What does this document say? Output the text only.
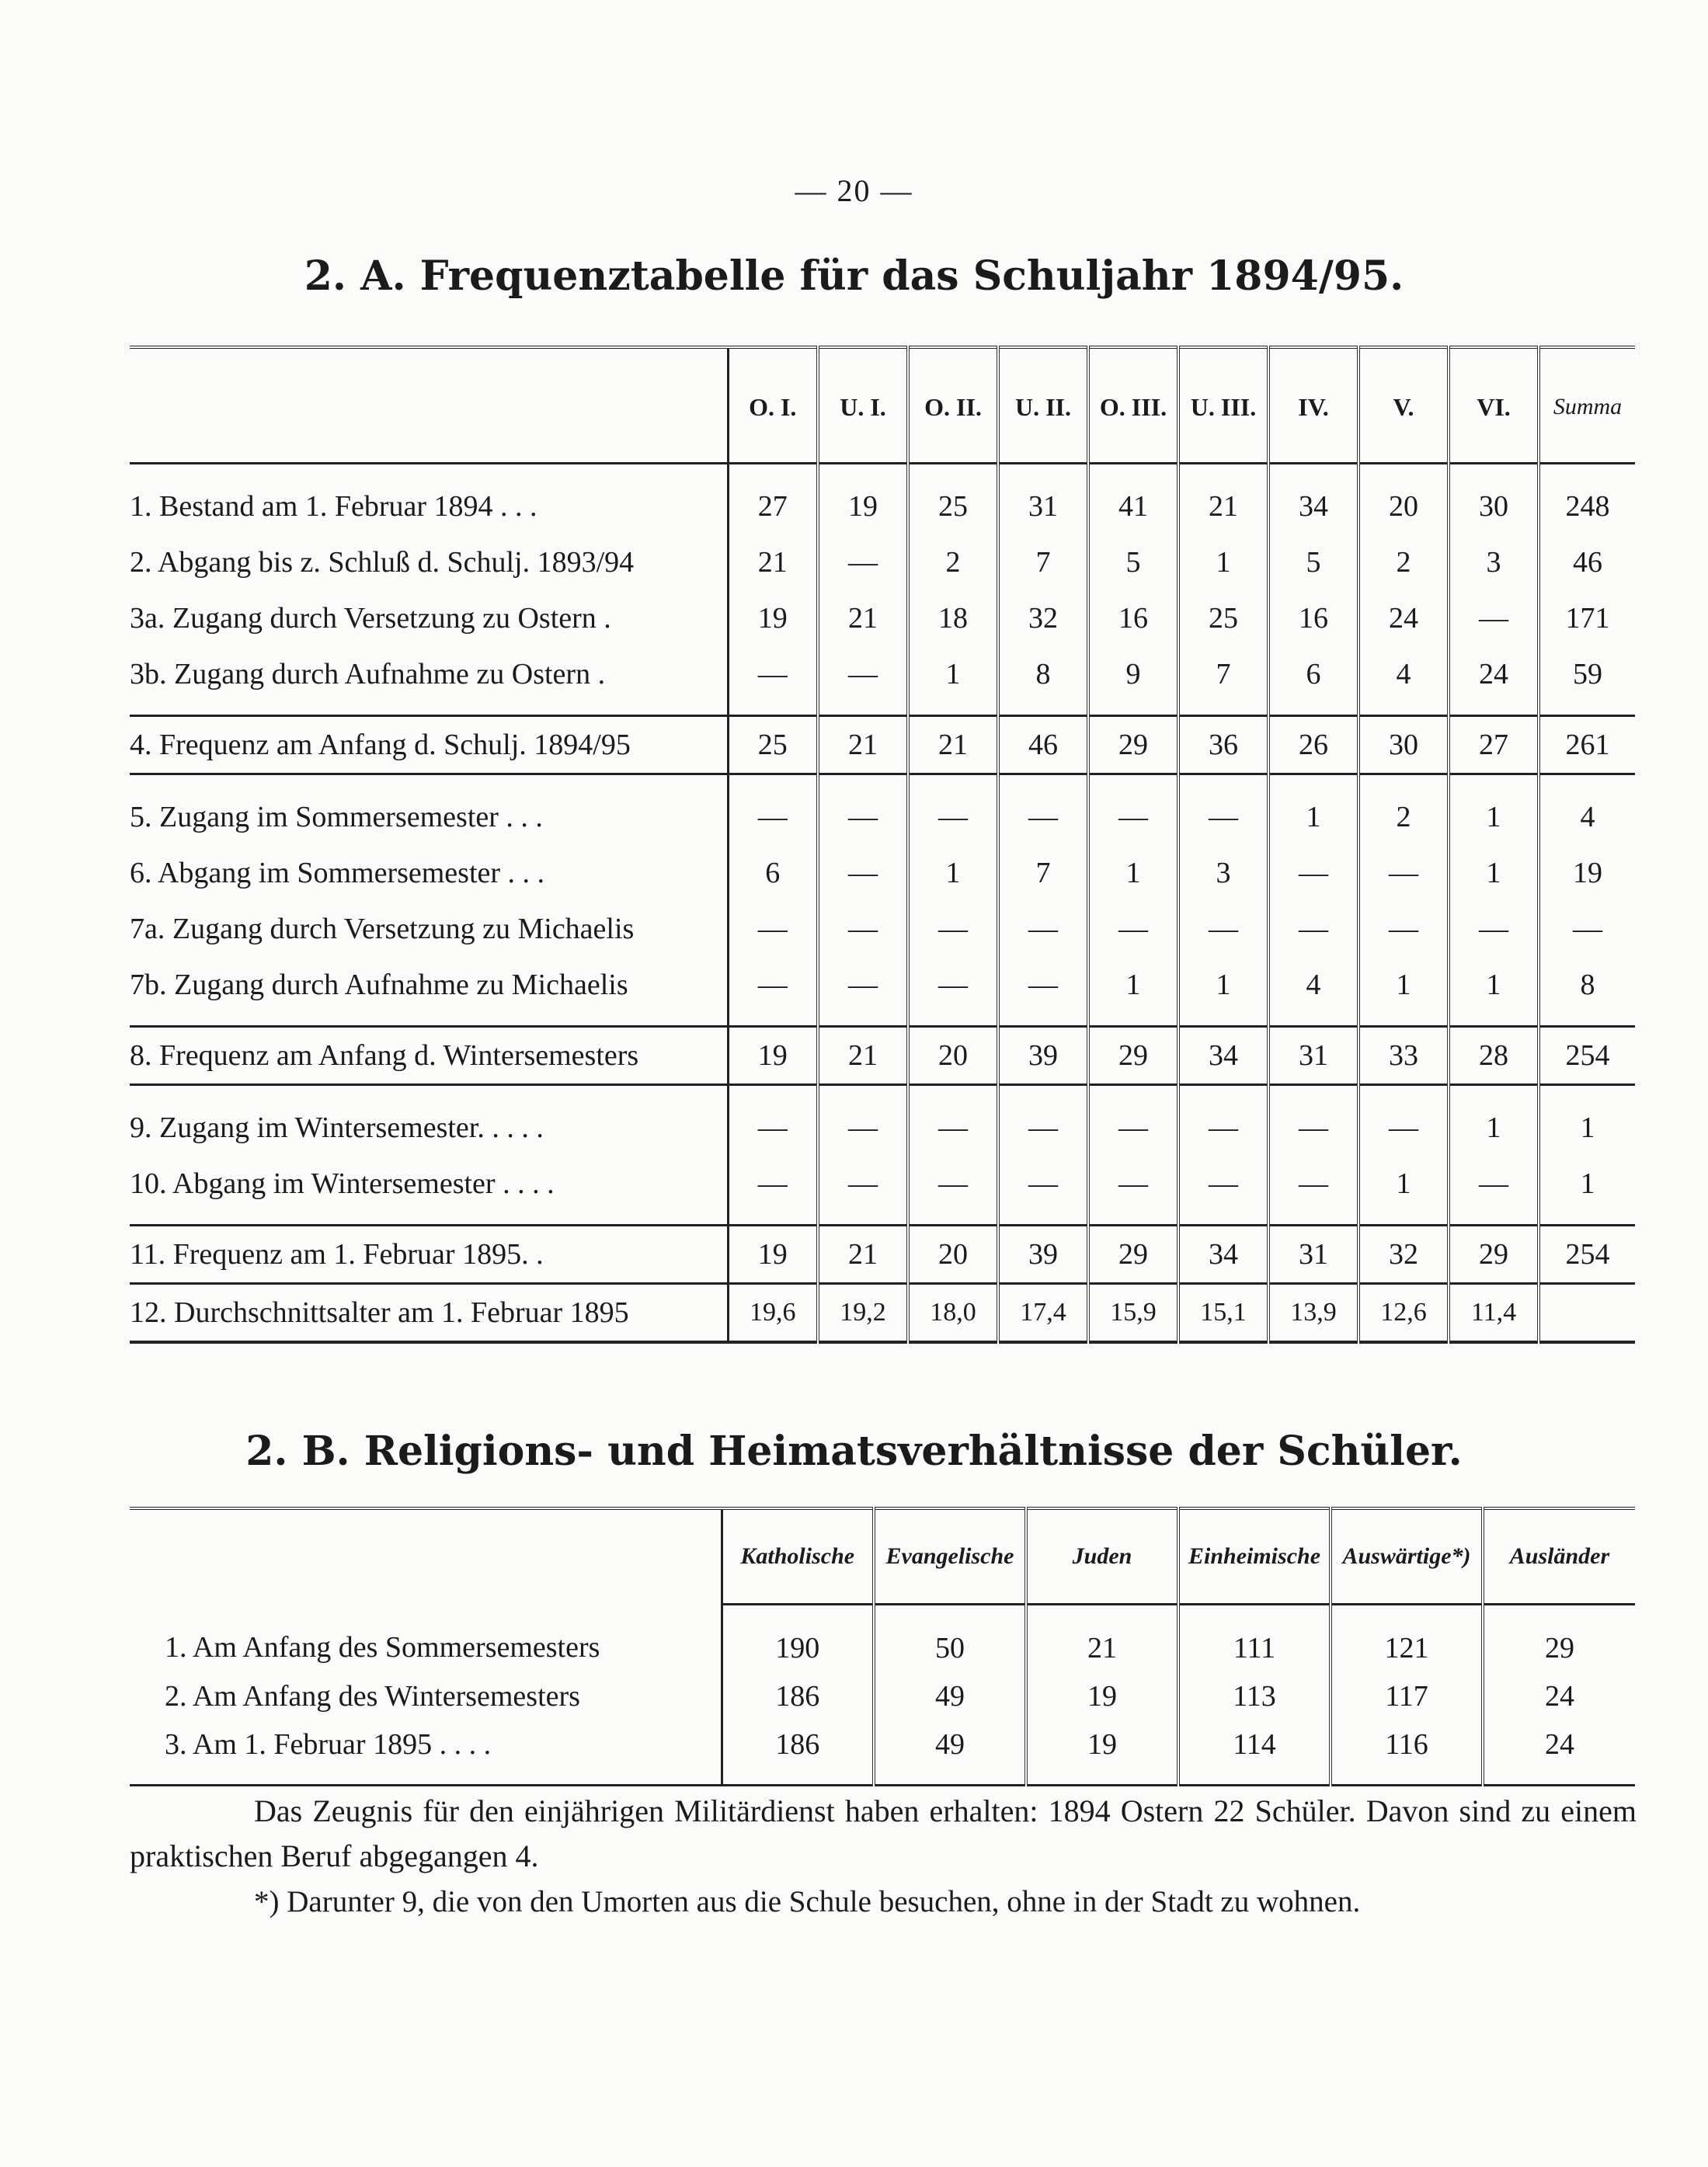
— 20 —
2. A. Frequenztabelle für das Schuljahr 1894/95.
	O. I.	U. I.	O. II.	U. II.	O. III.	U. III.	IV.	V.	VI.	Summa
1. Bestand am 1. Februar 1894 . . .	27	19	25	31	41	21	34	20	30	248
2. Abgang bis z. Schluß d. Schulj. 1893/94	21	—	2	7	5	1	5	2	3	46
3a. Zugang durch Versetzung zu Ostern .	19	21	18	32	16	25	16	24	—	171
3b. Zugang durch Aufnahme zu Ostern .	—	—	1	8	9	7	6	4	24	59
4. Frequenz am Anfang d. Schulj. 1894/95	25	21	21	46	29	36	26	30	27	261
5. Zugang im Sommersemester . . .	—	—	—	—	—	—	1	2	1	4
6. Abgang im Sommersemester . . .	6	—	1	7	1	3	—	—	1	19
7a. Zugang durch Versetzung zu Michaelis	—	—	—	—	—	—	—	—	—	—
7b. Zugang durch Aufnahme zu Michaelis	—	—	—	—	1	1	4	1	1	8
8. Frequenz am Anfang d. Wintersemesters	19	21	20	39	29	34	31	33	28	254
9. Zugang im Wintersemester. . . . .	—	—	—	—	—	—	—	—	1	1
10. Abgang im Wintersemester . . . .	—	—	—	—	—	—	—	1	—	1
11. Frequenz am 1. Februar 1895. .	19	21	20	39	29	34	31	32	29	254
12. Durchschnittsalter am 1. Februar 1895	19,6	19,2	18,0	17,4	15,9	15,1	13,9	12,6	11,4	
2. B. Religions- und Heimatsverhältnisse der Schüler.
	Katholische	Evangelische	Juden	Einheimische	Auswärtige*)	Ausländer
1. Am Anfang des Sommersemesters	190	50	21	111	121	29
2. Am Anfang des Wintersemesters	186	49	19	113	117	24
3. Am 1. Februar 1895 . . . .	186	49	19	114	116	24
Das Zeugnis für den einjährigen Militärdienst haben erhalten: 1894 Ostern 22 Schüler. Davon sind zu einem praktischen Beruf abgegangen 4.
*) Darunter 9, die von den Umorten aus die Schule besuchen, ohne in der Stadt zu wohnen.
